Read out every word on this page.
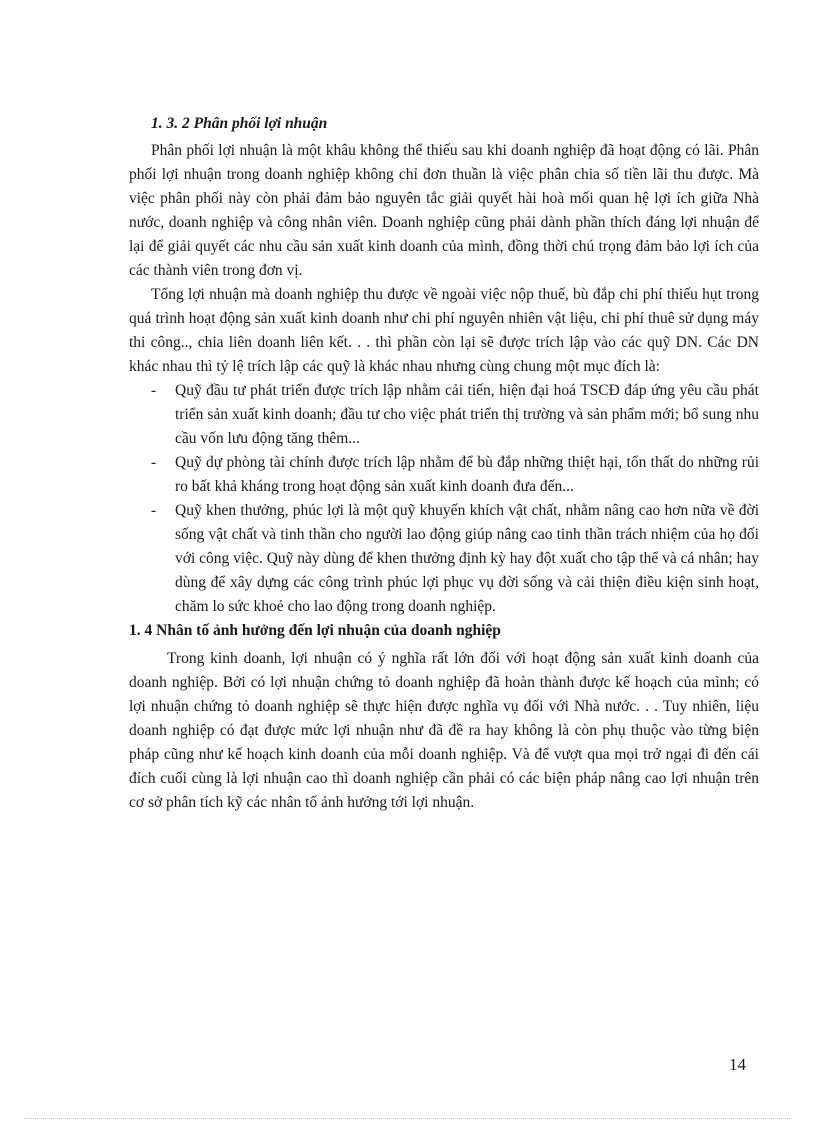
1. 3. 2 Phân phối lợi nhuận

Phân phối lợi nhuận là một khâu không thể thiếu sau khi doanh nghiệp đã hoạt động có lãi. Phân phối lợi nhuận trong doanh nghiệp không chỉ đơn thuần là việc phân chia số tiền lãi thu được. Mà việc phân phối này còn phải đảm bảo nguyên tắc giải quyết hài hoà mối quan hệ lợi ích giữa Nhà nước, doanh nghiệp và công nhân viên. Doanh nghiệp cũng phải dành phần thích đáng lợi nhuận để lại để giải quyết các nhu cầu sản xuất kinh doanh của mình, đồng thời chú trọng đảm bảo lợi ích của các thành viên trong đơn vị.

Tổng lợi nhuận mà doanh nghiệp thu được về ngoài việc nộp thuế, bù đắp chi phí thiếu hụt trong quá trình hoạt động sản xuất kinh doanh như chi phí nguyên nhiên vật liệu, chi phí thuê sử dụng máy thi công.., chia liên doanh liên kết. . . thì phần còn lại sẽ được trích lập vào các quỹ DN. Các DN khác nhau thì tỷ lệ trích lập các quỹ là khác nhau nhưng cùng chung một mục đích là:

- Quỹ đầu tư phát triển được trích lập nhằm cải tiến, hiện đại hoá TSCĐ đáp ứng yêu cầu phát triển sản xuất kinh doanh; đầu tư cho việc phát triển thị trường và sản phẩm mới; bổ sung nhu cầu vốn lưu động tăng thêm...
- Quỹ dự phòng tài chính được trích lập nhằm để bù đắp những thiệt hại, tổn thất do những rủi ro bất khả kháng trong hoạt động sản xuất kinh doanh đưa đến...
- Quỹ khen thưởng, phúc lợi là một quỹ khuyến khích vật chất, nhằm nâng cao hơn nữa về đời sống vật chất và tinh thần cho người lao động giúp nâng cao tinh thần trách nhiệm của họ đối với công việc. Quỹ này dùng để khen thưởng định kỳ hay đột xuất cho tập thể và cá nhân; hay dùng để xây dựng các công trình phúc lợi phục vụ đời sống và cải thiện điều kiện sinh hoạt, chăm lo sức khoẻ cho lao động trong doanh nghiệp.
1. 4 Nhân tố ảnh hưởng đến lợi nhuận của doanh nghiệp

Trong kinh doanh, lợi nhuận có ý nghĩa rất lớn đối với hoạt động sản xuất kinh doanh của doanh nghiệp. Bởi có lợi nhuận chứng tỏ doanh nghiệp đã hoàn thành được kế hoạch của mình; có lợi nhuận chứng tỏ doanh nghiệp sẽ thực hiện được nghĩa vụ đối với Nhà nước. . . Tuy nhiên, liệu doanh nghiệp có đạt được mức lợi nhuận như đã đề ra hay không là còn phụ thuộc vào từng biện pháp cũng như kế hoạch kinh doanh của mỗi doanh nghiệp. Và để vượt qua mọi trở ngại đi đến cái đích cuối cùng là lợi nhuận cao thì doanh nghiệp cần phải có các biện pháp nâng cao lợi nhuận trên cơ sở phân tích kỹ các nhân tố ảnh hưởng tới lợi nhuận.

14
